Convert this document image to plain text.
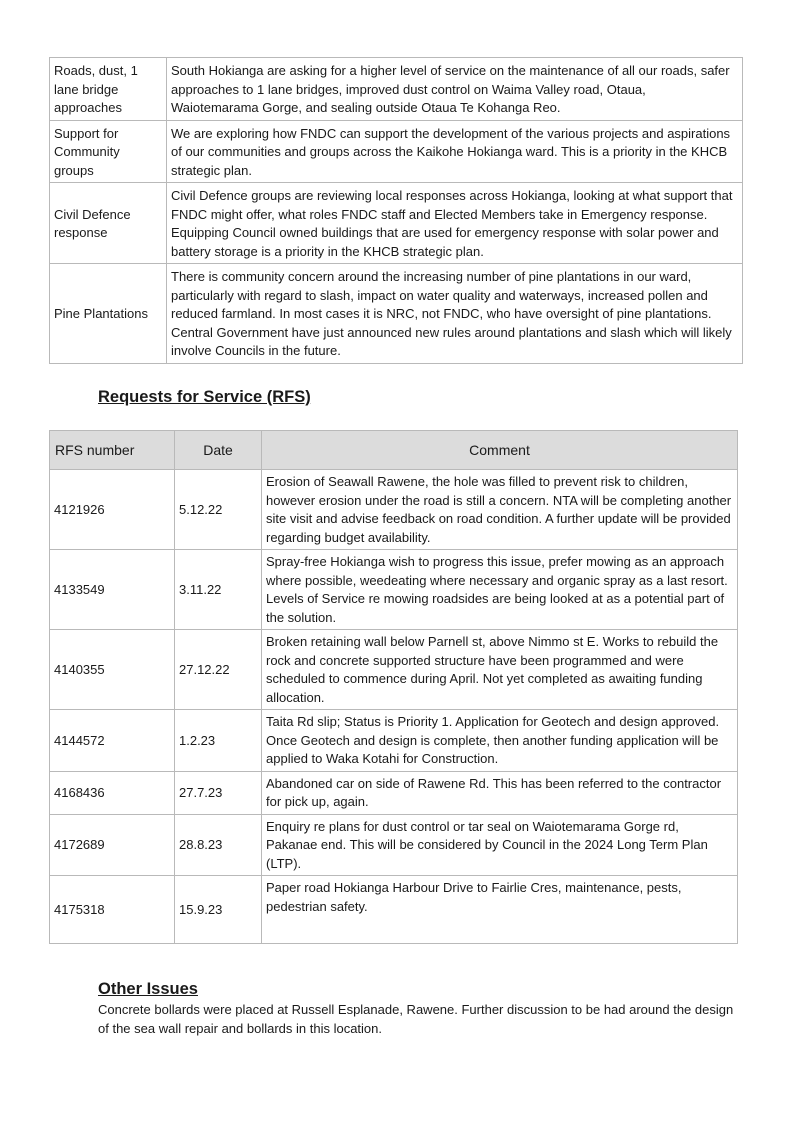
Roads, dust, 1 lane bridge approaches	South Hokianga are asking for a higher level of service on the maintenance of all our roads, safer approaches to 1 lane bridges, improved dust control on Waima Valley road, Otaua, Waiotemarama Gorge, and sealing outside Otaua Te Kohanga Reo.
Support for Community groups	We are exploring how FNDC can support the development of the various projects and aspirations of our communities and groups across the Kaikohe Hokianga ward. This is a priority in the KHCB strategic plan.
Civil Defence response	Civil Defence groups are reviewing local responses across Hokianga, looking at what support that FNDC might offer, what roles FNDC staff and Elected Members take in Emergency response. Equipping Council owned buildings that are used for emergency response with solar power and battery storage is a priority in the KHCB strategic plan.
Pine Plantations	There is community concern around the increasing number of pine plantations in our ward, particularly with regard to slash, impact on water quality and waterways, increased pollen and reduced farmland. In most cases it is NRC, not FNDC, who have oversight of pine plantations. Central Government have just announced new rules around plantations and slash which will likely involve Councils in the future.
Requests for Service (RFS)
RFS number	Date	Comment
4121926	5.12.22	Erosion of Seawall Rawene, the hole was filled to prevent risk to children, however erosion under the road is still a concern. NTA will be completing another site visit and advise feedback on road condition. A further update will be provided regarding budget availability.
4133549	3.11.22	Spray-free Hokianga wish to progress this issue, prefer mowing as an approach where possible, weedeating where necessary and organic spray as a last resort. Levels of Service re mowing roadsides are being looked at as a potential part of the solution.
4140355	27.12.22	Broken retaining wall below Parnell st, above Nimmo st E. Works to rebuild the rock and concrete supported structure have been programmed and were scheduled to commence during April. Not yet completed as awaiting funding allocation.
4144572	1.2.23	Taita Rd slip; Status is Priority 1. Application for Geotech and design approved. Once Geotech and design is complete, then another funding application will be applied to Waka Kotahi for Construction.
4168436	27.7.23	Abandoned car on side of Rawene Rd. This has been referred to the contractor for pick up, again.
4172689	28.8.23	Enquiry re plans for dust control or tar seal on Waiotemarama Gorge rd, Pakanae end. This will be considered by Council in the 2024 Long Term Plan (LTP).
4175318	15.9.23	Paper road Hokianga Harbour Drive to Fairlie Cres, maintenance, pests, pedestrian safety.
Other Issues

Concrete bollards were placed at Russell Esplanade, Rawene. Further discussion to be had around the design of the sea wall repair and bollards in this location.
